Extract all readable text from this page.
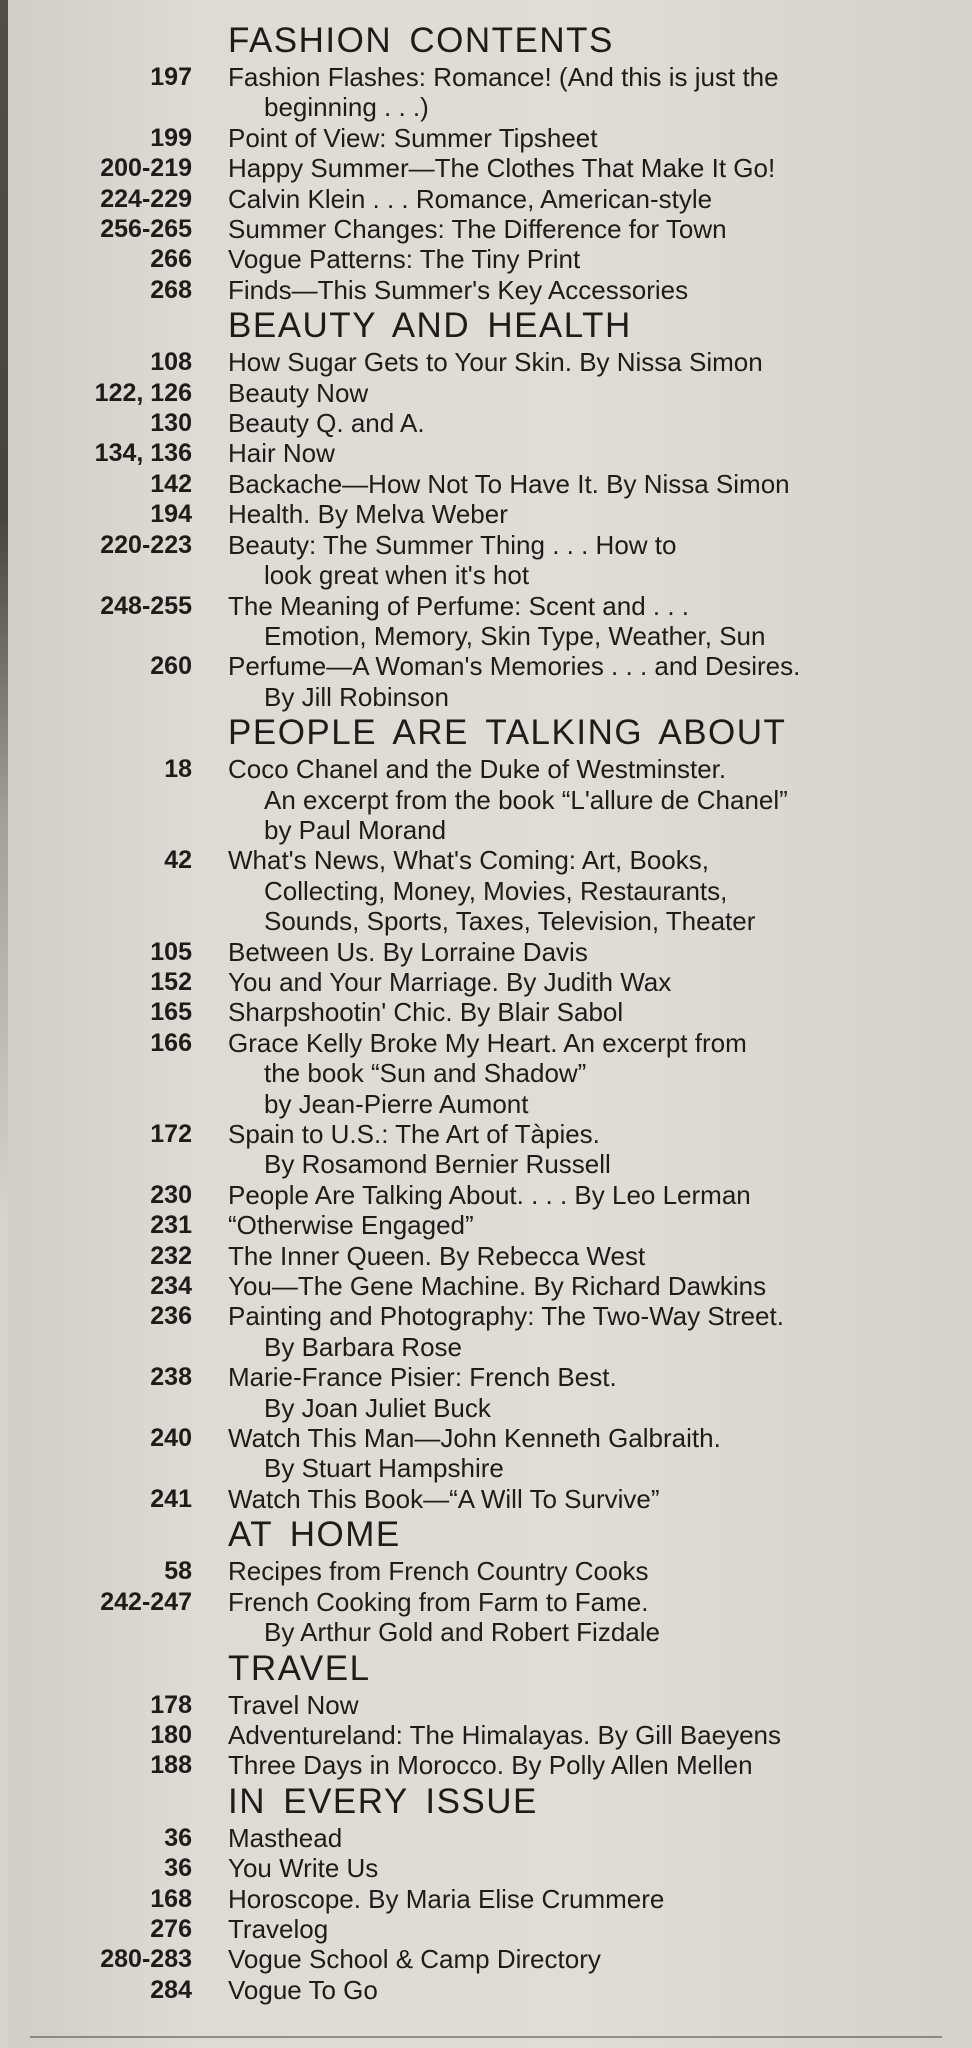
FASHION CONTENTS
197 Fashion Flashes: Romance! (And this is just the
beginning . . .)
199 Point of View: Summer Tipsheet
200-219 Happy Summer—The Clothes That Make It Go!
224-229 Calvin Klein . . . Romance, American-style
256-265 Summer Changes: The Difference for Town
266 Vogue Patterns: The Tiny Print
268 Finds—This Summer's Key Accessories
BEAUTY AND HEALTH
108 How Sugar Gets to Your Skin. By Nissa Simon
122, 126 Beauty Now
130 Beauty Q. and A.
134, 136 Hair Now
142 Backache—How Not To Have It. By Nissa Simon
194 Health. By Melva Weber
220-223 Beauty: The Summer Thing . . . How to
look great when it's hot
248-255 The Meaning of Perfume: Scent and . . .
Emotion, Memory, Skin Type, Weather, Sun
260 Perfume—A Woman's Memories . . . and Desires.
By Jill Robinson
PEOPLE ARE TALKING ABOUT
18 Coco Chanel and the Duke of Westminster.
An excerpt from the book “L'allure de Chanel”
by Paul Morand
42 What's News, What's Coming: Art, Books,
Collecting, Money, Movies, Restaurants,
Sounds, Sports, Taxes, Television, Theater
105 Between Us. By Lorraine Davis
152 You and Your Marriage. By Judith Wax
165 Sharpshootin' Chic. By Blair Sabol
166 Grace Kelly Broke My Heart. An excerpt from
the book “Sun and Shadow”
by Jean-Pierre Aumont
172 Spain to U.S.: The Art of Tàpies.
By Rosamond Bernier Russell
230 People Are Talking About. . . . By Leo Lerman
231 “Otherwise Engaged”
232 The Inner Queen. By Rebecca West
234 You—The Gene Machine. By Richard Dawkins
236 Painting and Photography: The Two-Way Street.
By Barbara Rose
238 Marie-France Pisier: French Best.
By Joan Juliet Buck
240 Watch This Man—John Kenneth Galbraith.
By Stuart Hampshire
241 Watch This Book—“A Will To Survive”
AT HOME
58 Recipes from French Country Cooks
242-247 French Cooking from Farm to Fame.
By Arthur Gold and Robert Fizdale
TRAVEL
178 Travel Now
180 Adventureland: The Himalayas. By Gill Baeyens
188 Three Days in Morocco. By Polly Allen Mellen
IN EVERY ISSUE
36 Masthead
36 You Write Us
168 Horoscope. By Maria Elise Crummere
276 Travelog
280-283 Vogue School & Camp Directory
284 Vogue To Go
